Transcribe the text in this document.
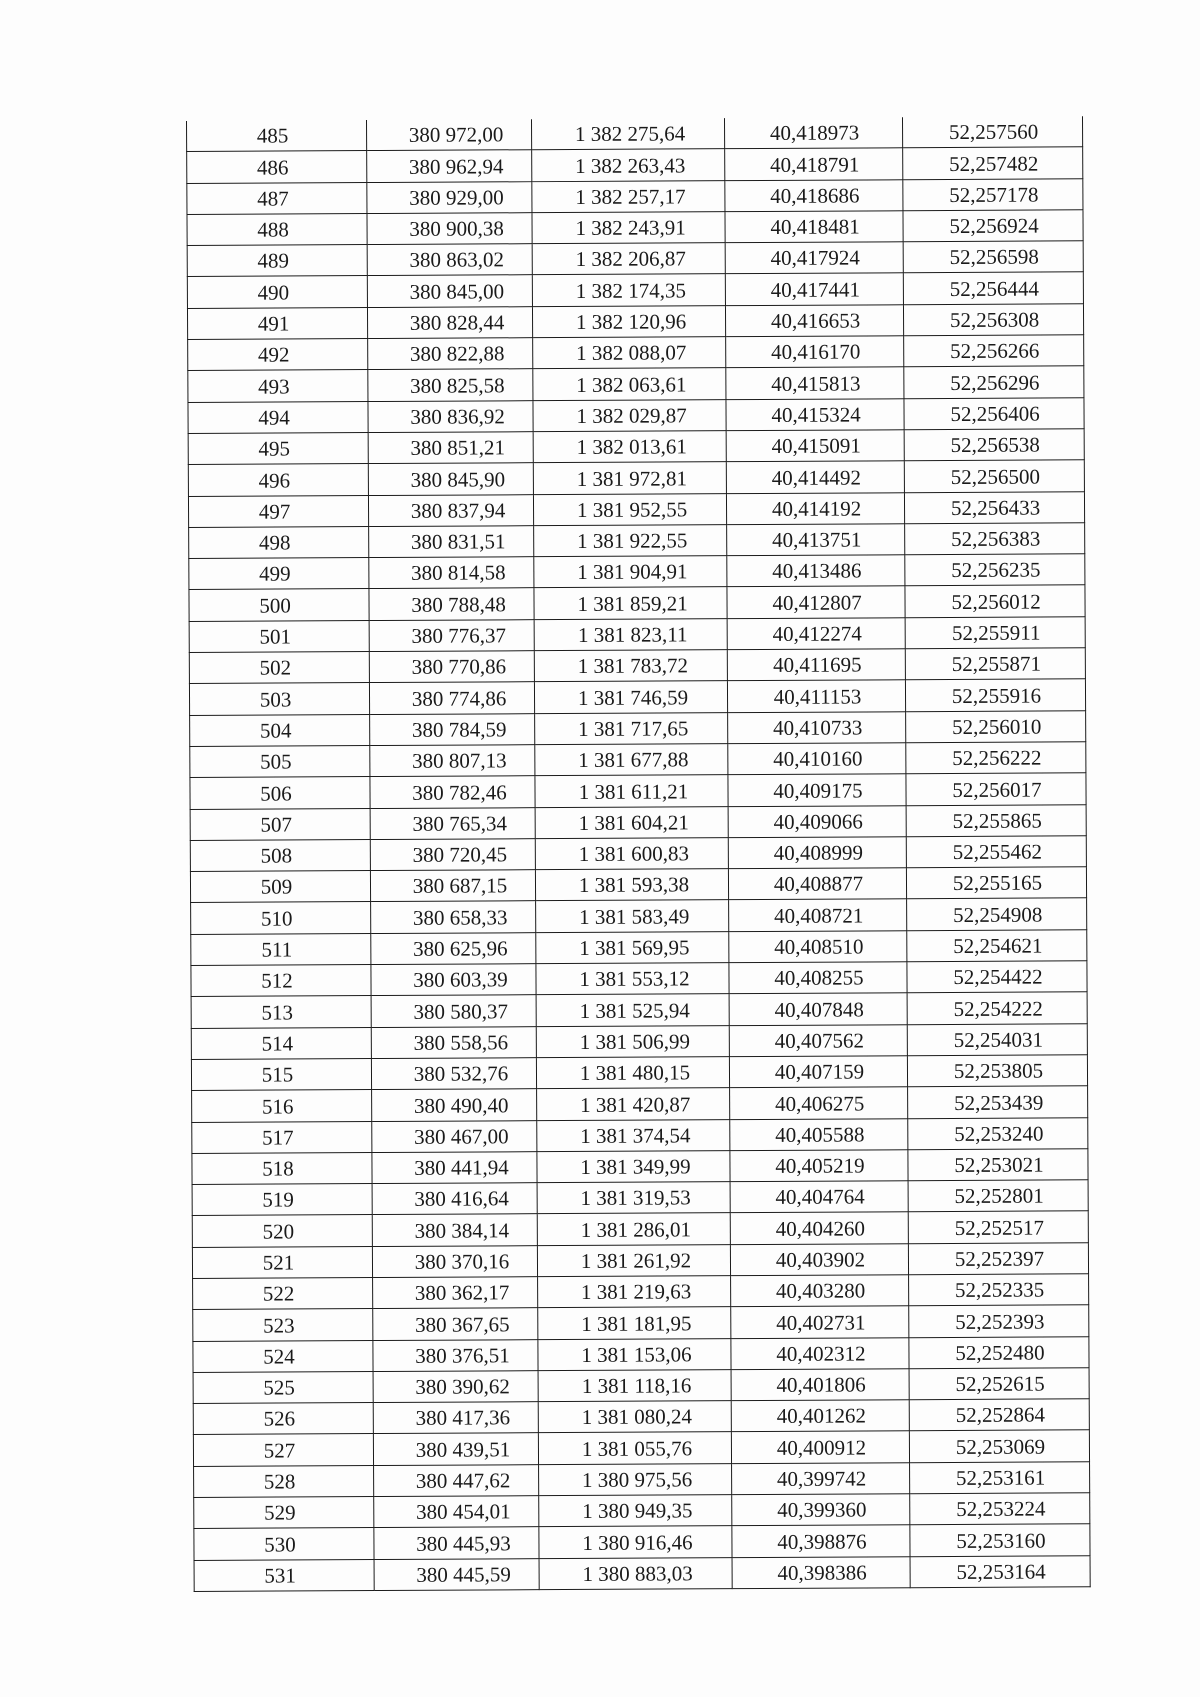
485	380 972,00	1 382 275,64	40,418973	52,257560
486	380 962,94	1 382 263,43	40,418791	52,257482
487	380 929,00	1 382 257,17	40,418686	52,257178
488	380 900,38	1 382 243,91	40,418481	52,256924
489	380 863,02	1 382 206,87	40,417924	52,256598
490	380 845,00	1 382 174,35	40,417441	52,256444
491	380 828,44	1 382 120,96	40,416653	52,256308
492	380 822,88	1 382 088,07	40,416170	52,256266
493	380 825,58	1 382 063,61	40,415813	52,256296
494	380 836,92	1 382 029,87	40,415324	52,256406
495	380 851,21	1 382 013,61	40,415091	52,256538
496	380 845,90	1 381 972,81	40,414492	52,256500
497	380 837,94	1 381 952,55	40,414192	52,256433
498	380 831,51	1 381 922,55	40,413751	52,256383
499	380 814,58	1 381 904,91	40,413486	52,256235
500	380 788,48	1 381 859,21	40,412807	52,256012
501	380 776,37	1 381 823,11	40,412274	52,255911
502	380 770,86	1 381 783,72	40,411695	52,255871
503	380 774,86	1 381 746,59	40,411153	52,255916
504	380 784,59	1 381 717,65	40,410733	52,256010
505	380 807,13	1 381 677,88	40,410160	52,256222
506	380 782,46	1 381 611,21	40,409175	52,256017
507	380 765,34	1 381 604,21	40,409066	52,255865
508	380 720,45	1 381 600,83	40,408999	52,255462
509	380 687,15	1 381 593,38	40,408877	52,255165
510	380 658,33	1 381 583,49	40,408721	52,254908
511	380 625,96	1 381 569,95	40,408510	52,254621
512	380 603,39	1 381 553,12	40,408255	52,254422
513	380 580,37	1 381 525,94	40,407848	52,254222
514	380 558,56	1 381 506,99	40,407562	52,254031
515	380 532,76	1 381 480,15	40,407159	52,253805
516	380 490,40	1 381 420,87	40,406275	52,253439
517	380 467,00	1 381 374,54	40,405588	52,253240
518	380 441,94	1 381 349,99	40,405219	52,253021
519	380 416,64	1 381 319,53	40,404764	52,252801
520	380 384,14	1 381 286,01	40,404260	52,252517
521	380 370,16	1 381 261,92	40,403902	52,252397
522	380 362,17	1 381 219,63	40,403280	52,252335
523	380 367,65	1 381 181,95	40,402731	52,252393
524	380 376,51	1 381 153,06	40,402312	52,252480
525	380 390,62	1 381 118,16	40,401806	52,252615
526	380 417,36	1 381 080,24	40,401262	52,252864
527	380 439,51	1 381 055,76	40,400912	52,253069
528	380 447,62	1 380 975,56	40,399742	52,253161
529	380 454,01	1 380 949,35	40,399360	52,253224
530	380 445,93	1 380 916,46	40,398876	52,253160
531	380 445,59	1 380 883,03	40,398386	52,253164
